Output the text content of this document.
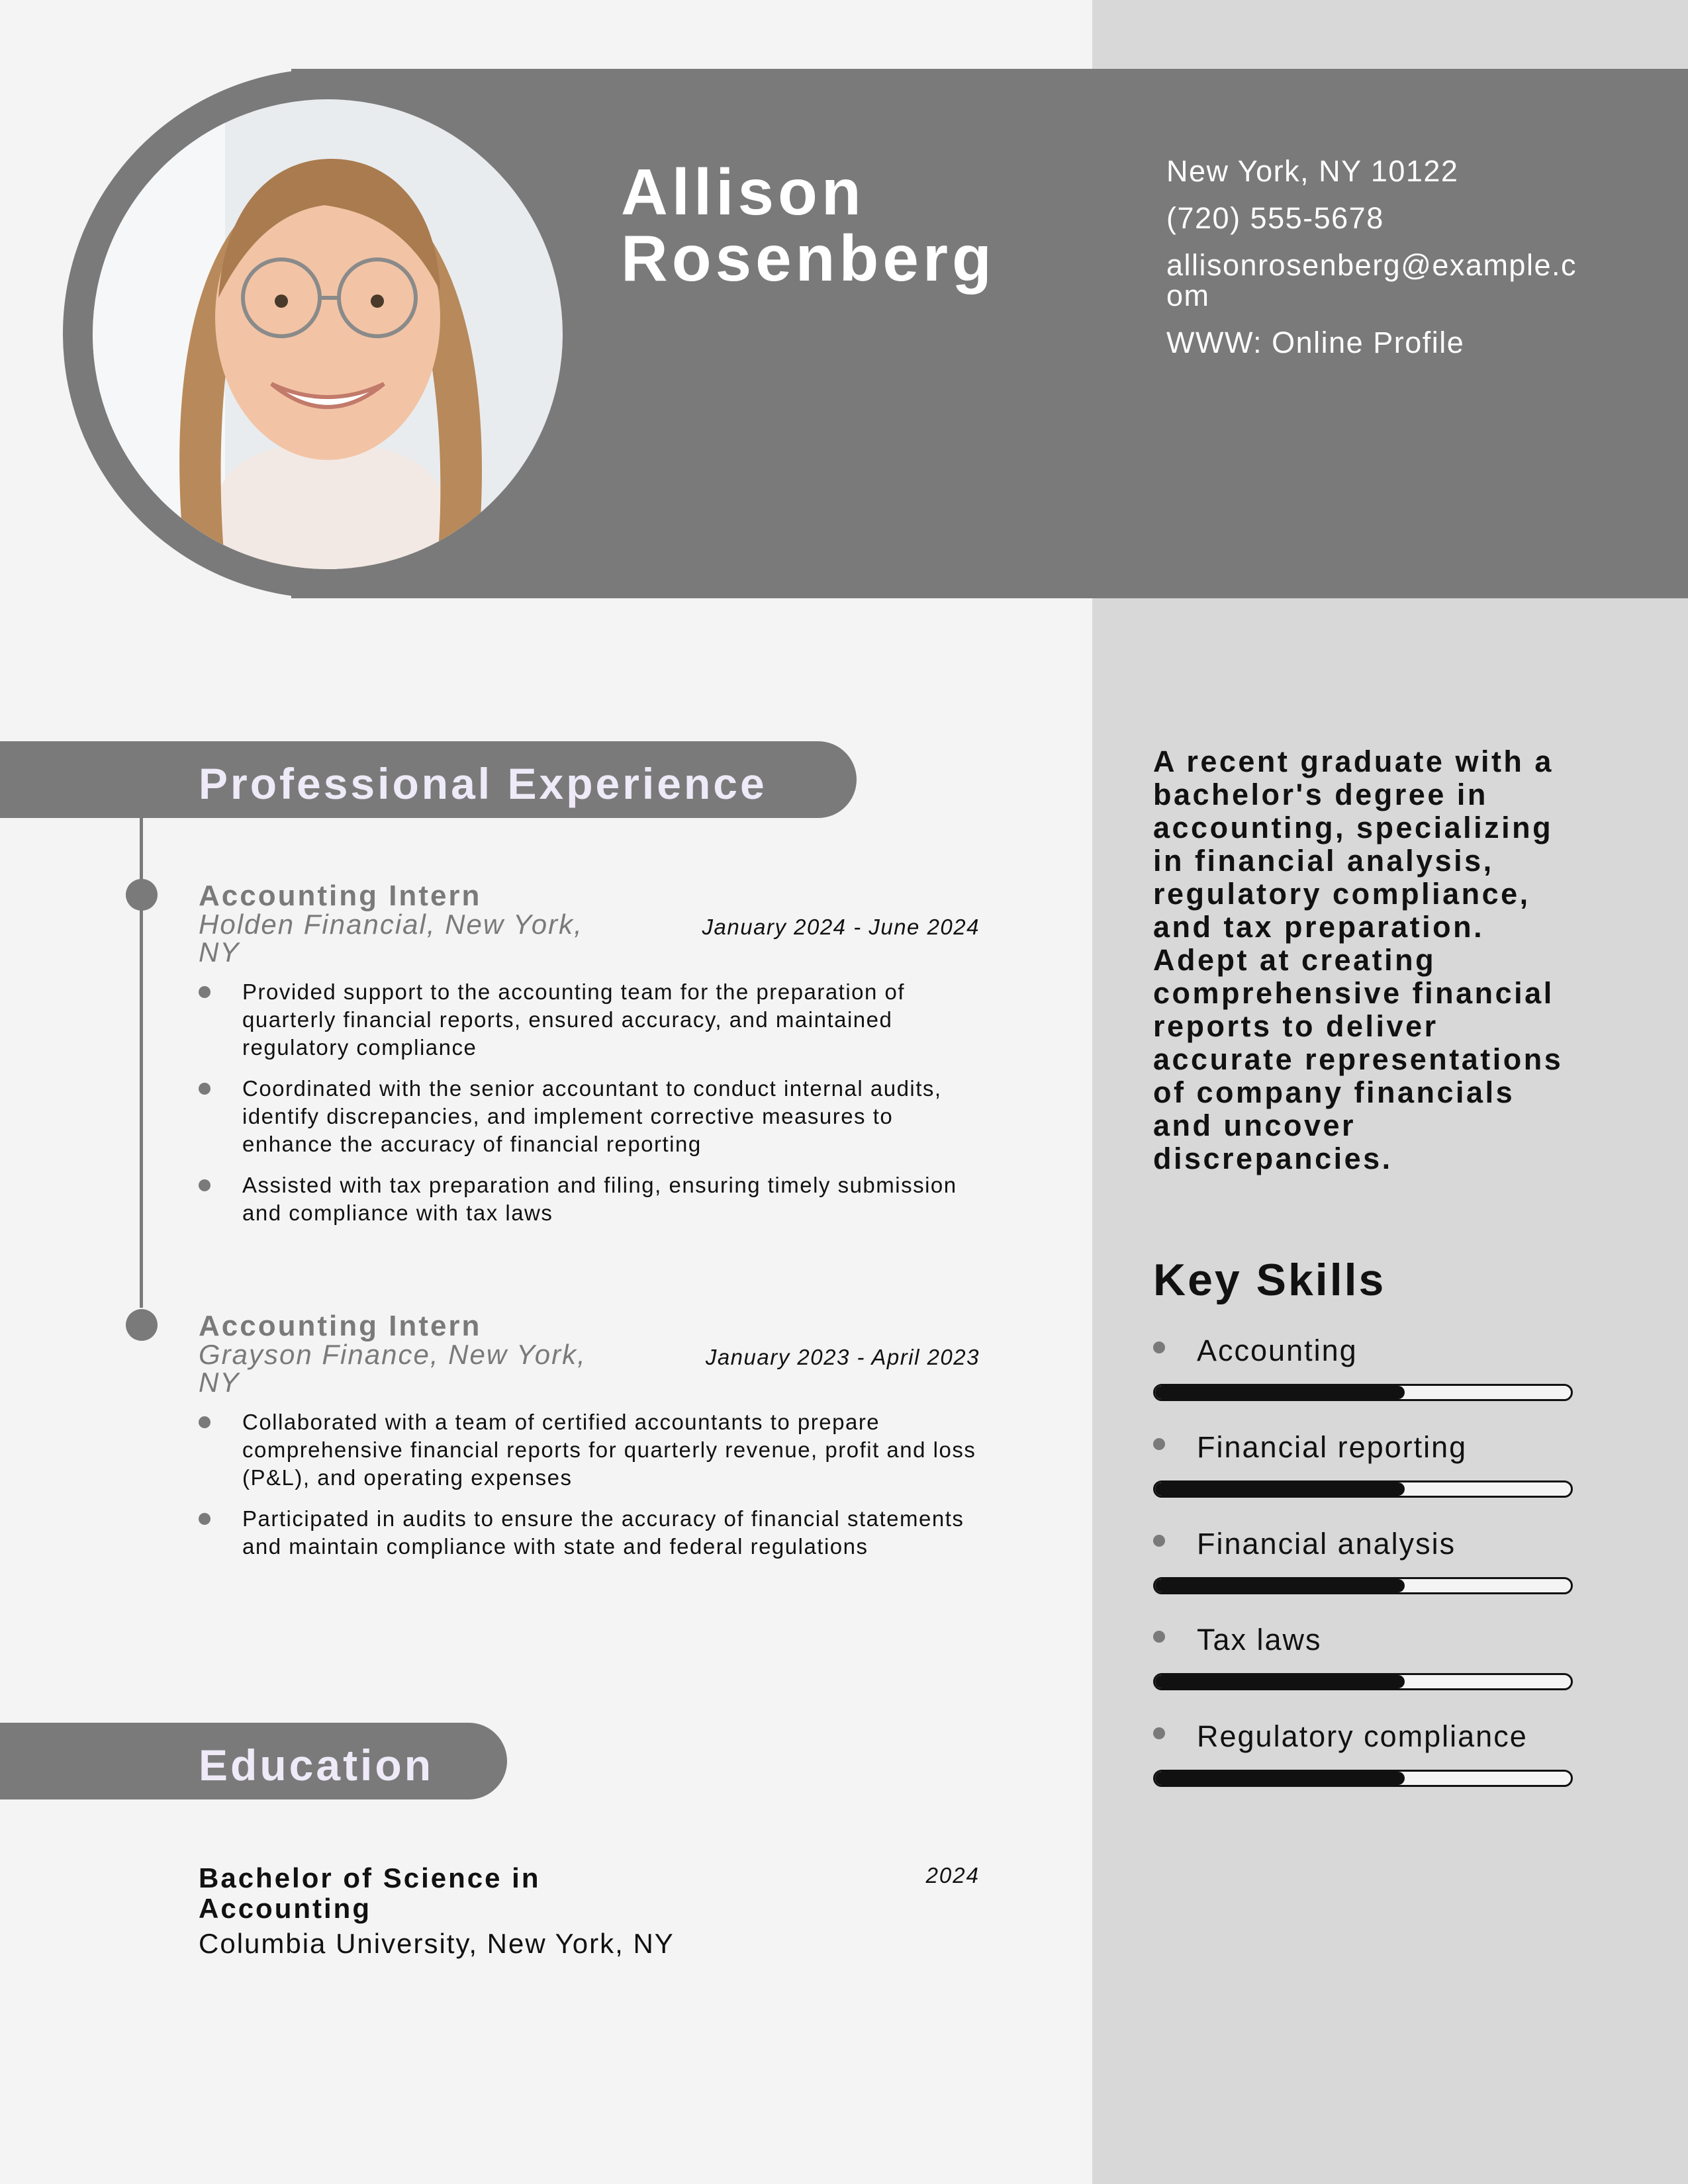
Allison
Rosenberg
New York, NY 10122
(720) 555-5678
allisonrosenberg@example.com
WWW: Online Profile
Professional Experience
Accounting Intern
Holden Financial, New York, NY
January 2024 - June 2024
Provided support to the accounting team for the preparation of quarterly financial reports, ensured accuracy, and maintained regulatory compliance
Coordinated with the senior accountant to conduct internal audits, identify discrepancies, and implement corrective measures to enhance the accuracy of financial reporting
Assisted with tax preparation and filing, ensuring timely submission and compliance with tax laws
Accounting Intern
Grayson Finance, New York, NY
January 2023 - April 2023
Collaborated with a team of certified accountants to prepare comprehensive financial reports for quarterly revenue, profit and loss (P&L), and operating expenses
Participated in audits to ensure the accuracy of financial statements and maintain compliance with state and federal regulations
Education
Bachelor of Science in Accounting
2024
Columbia University, New York, NY
A recent graduate with a bachelor's degree in accounting, specializing in financial analysis, regulatory compliance, and tax preparation. Adept at creating comprehensive financial reports to deliver accurate representations of company financials and uncover discrepancies.
Key Skills
Accounting
Financial reporting
Financial analysis
Tax laws
Regulatory compliance
